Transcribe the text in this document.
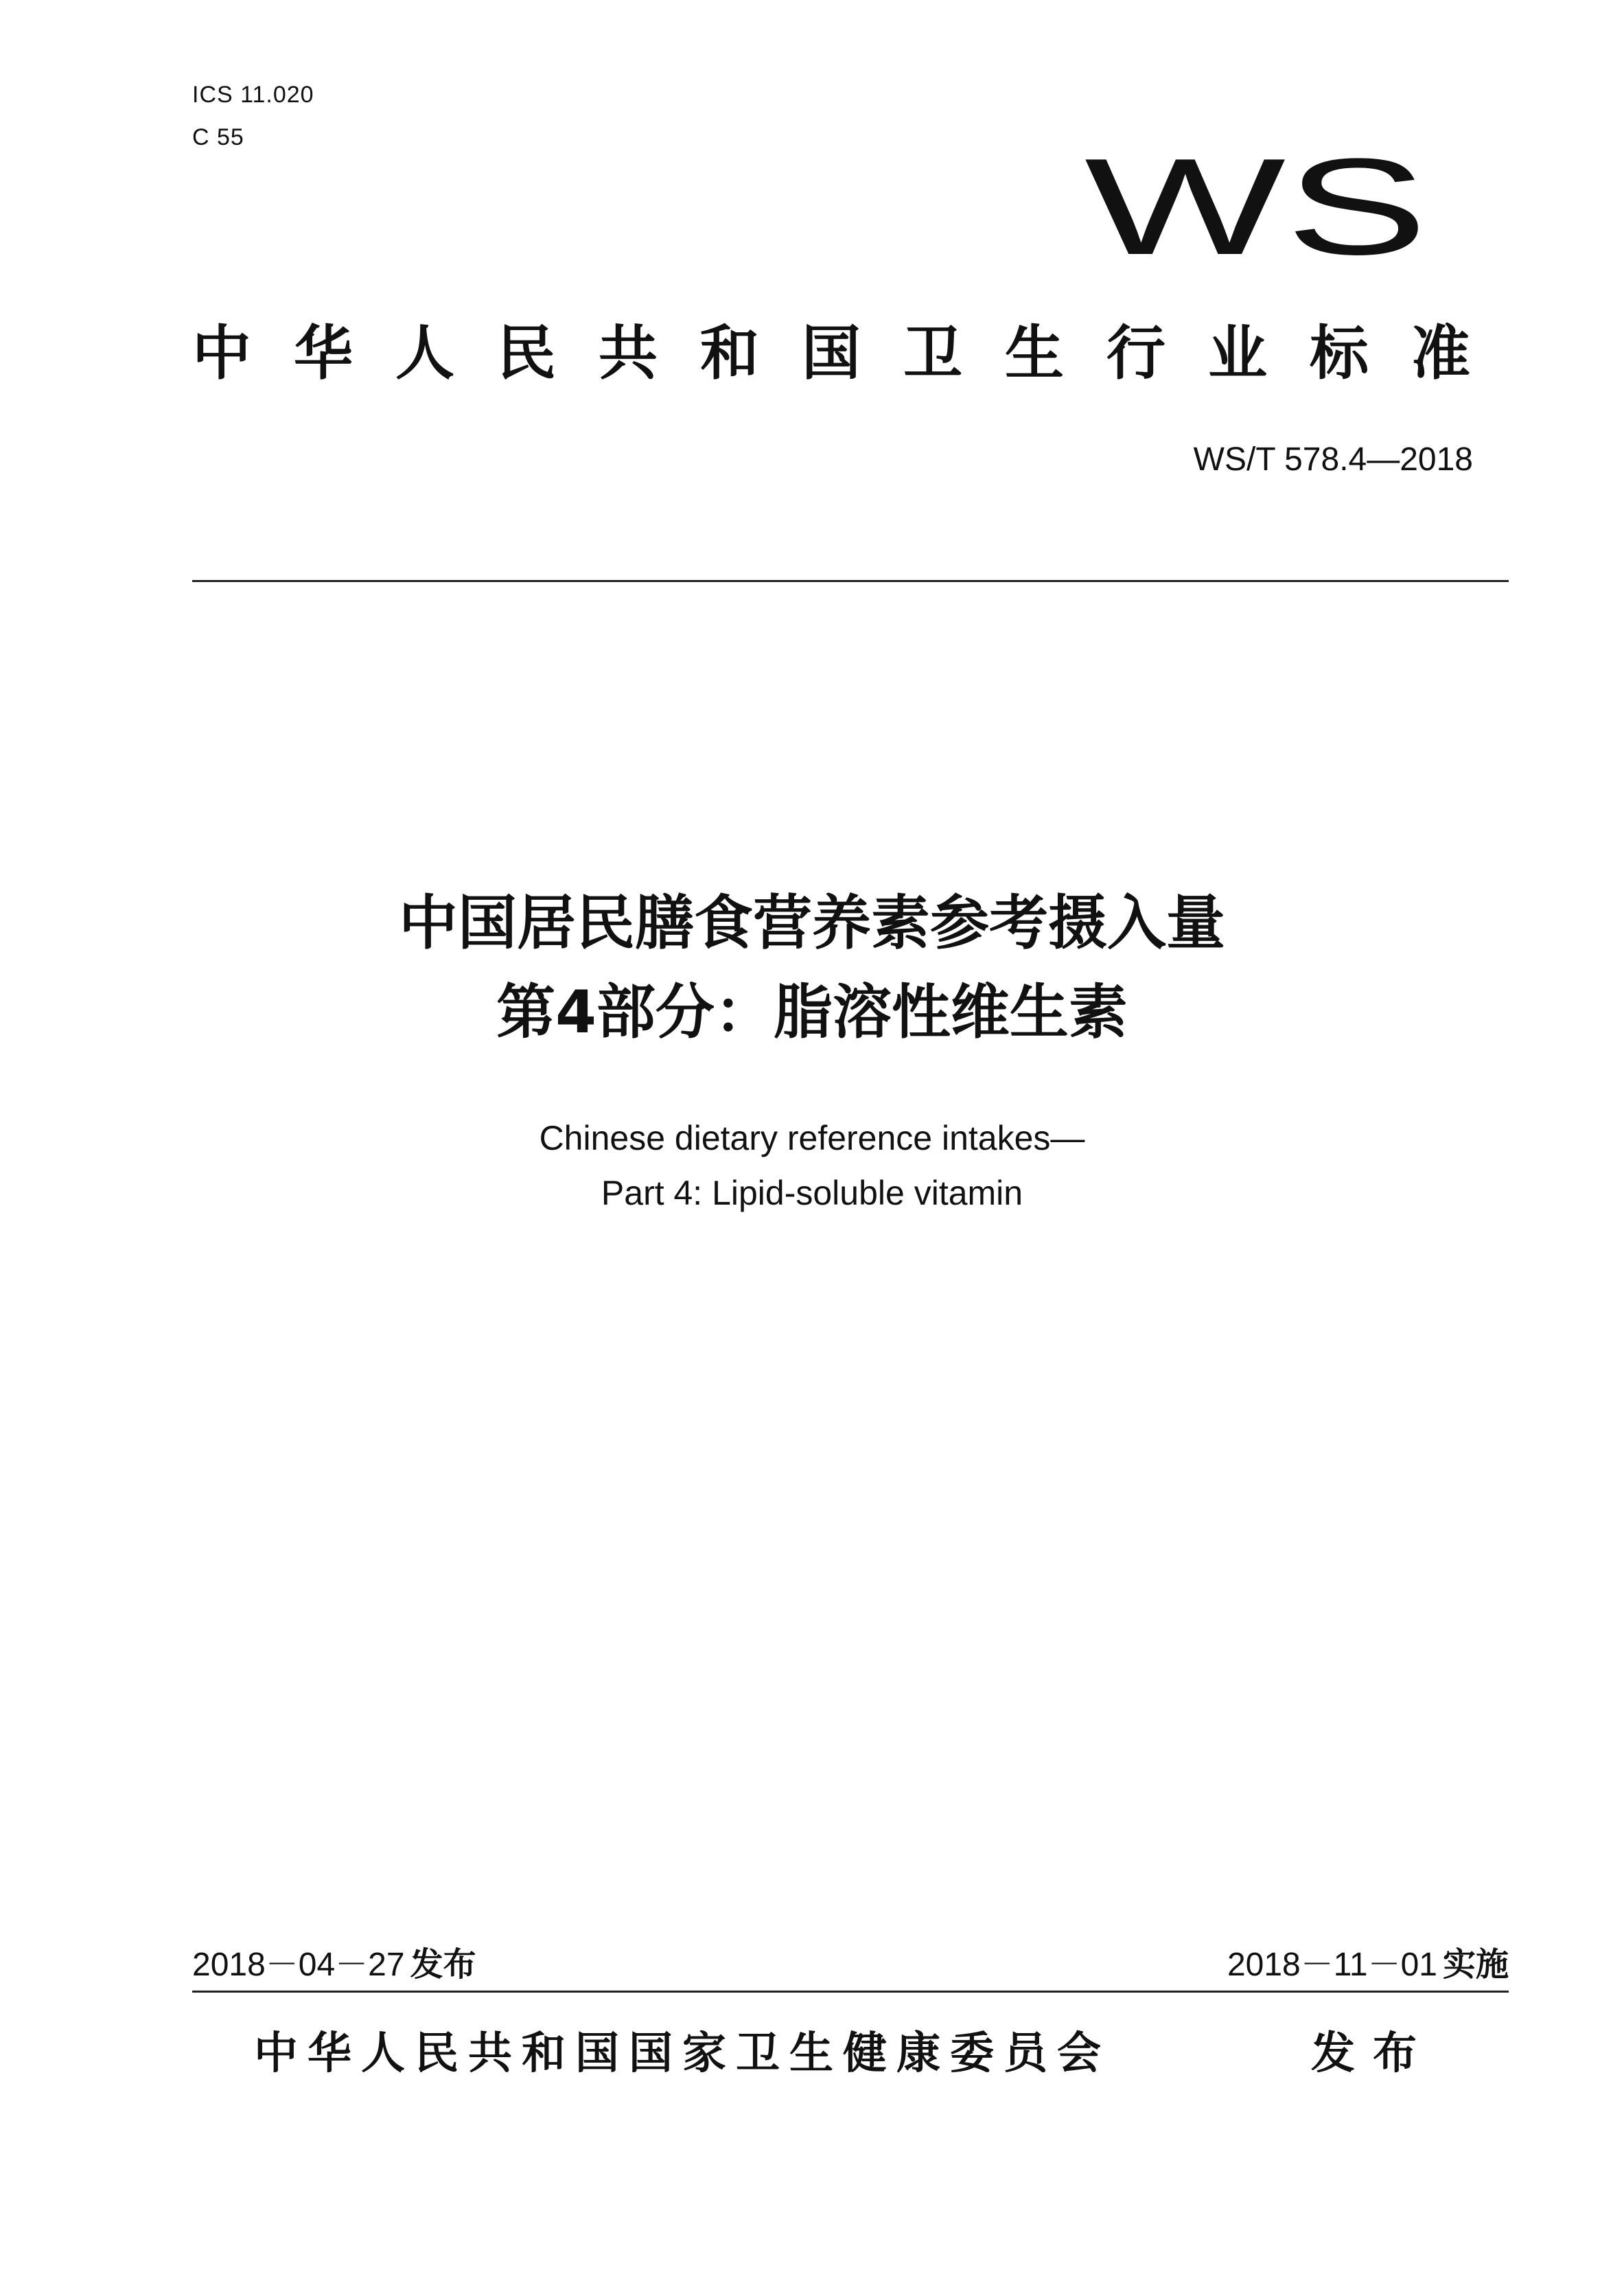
ICS 11.020
C 55	WS
中华人民共和国卫生行业标准
WS/T 578.4—2018
中国居民膳食营养素参考摄入量
第4部分：脂溶性维生素
Chinese dietary reference intakes—
Part 4: Lipid-soluble vitamin
2018－04－27 发布	2018－11－01 实施
中华人民共和国国家卫生健康委员会	发布
